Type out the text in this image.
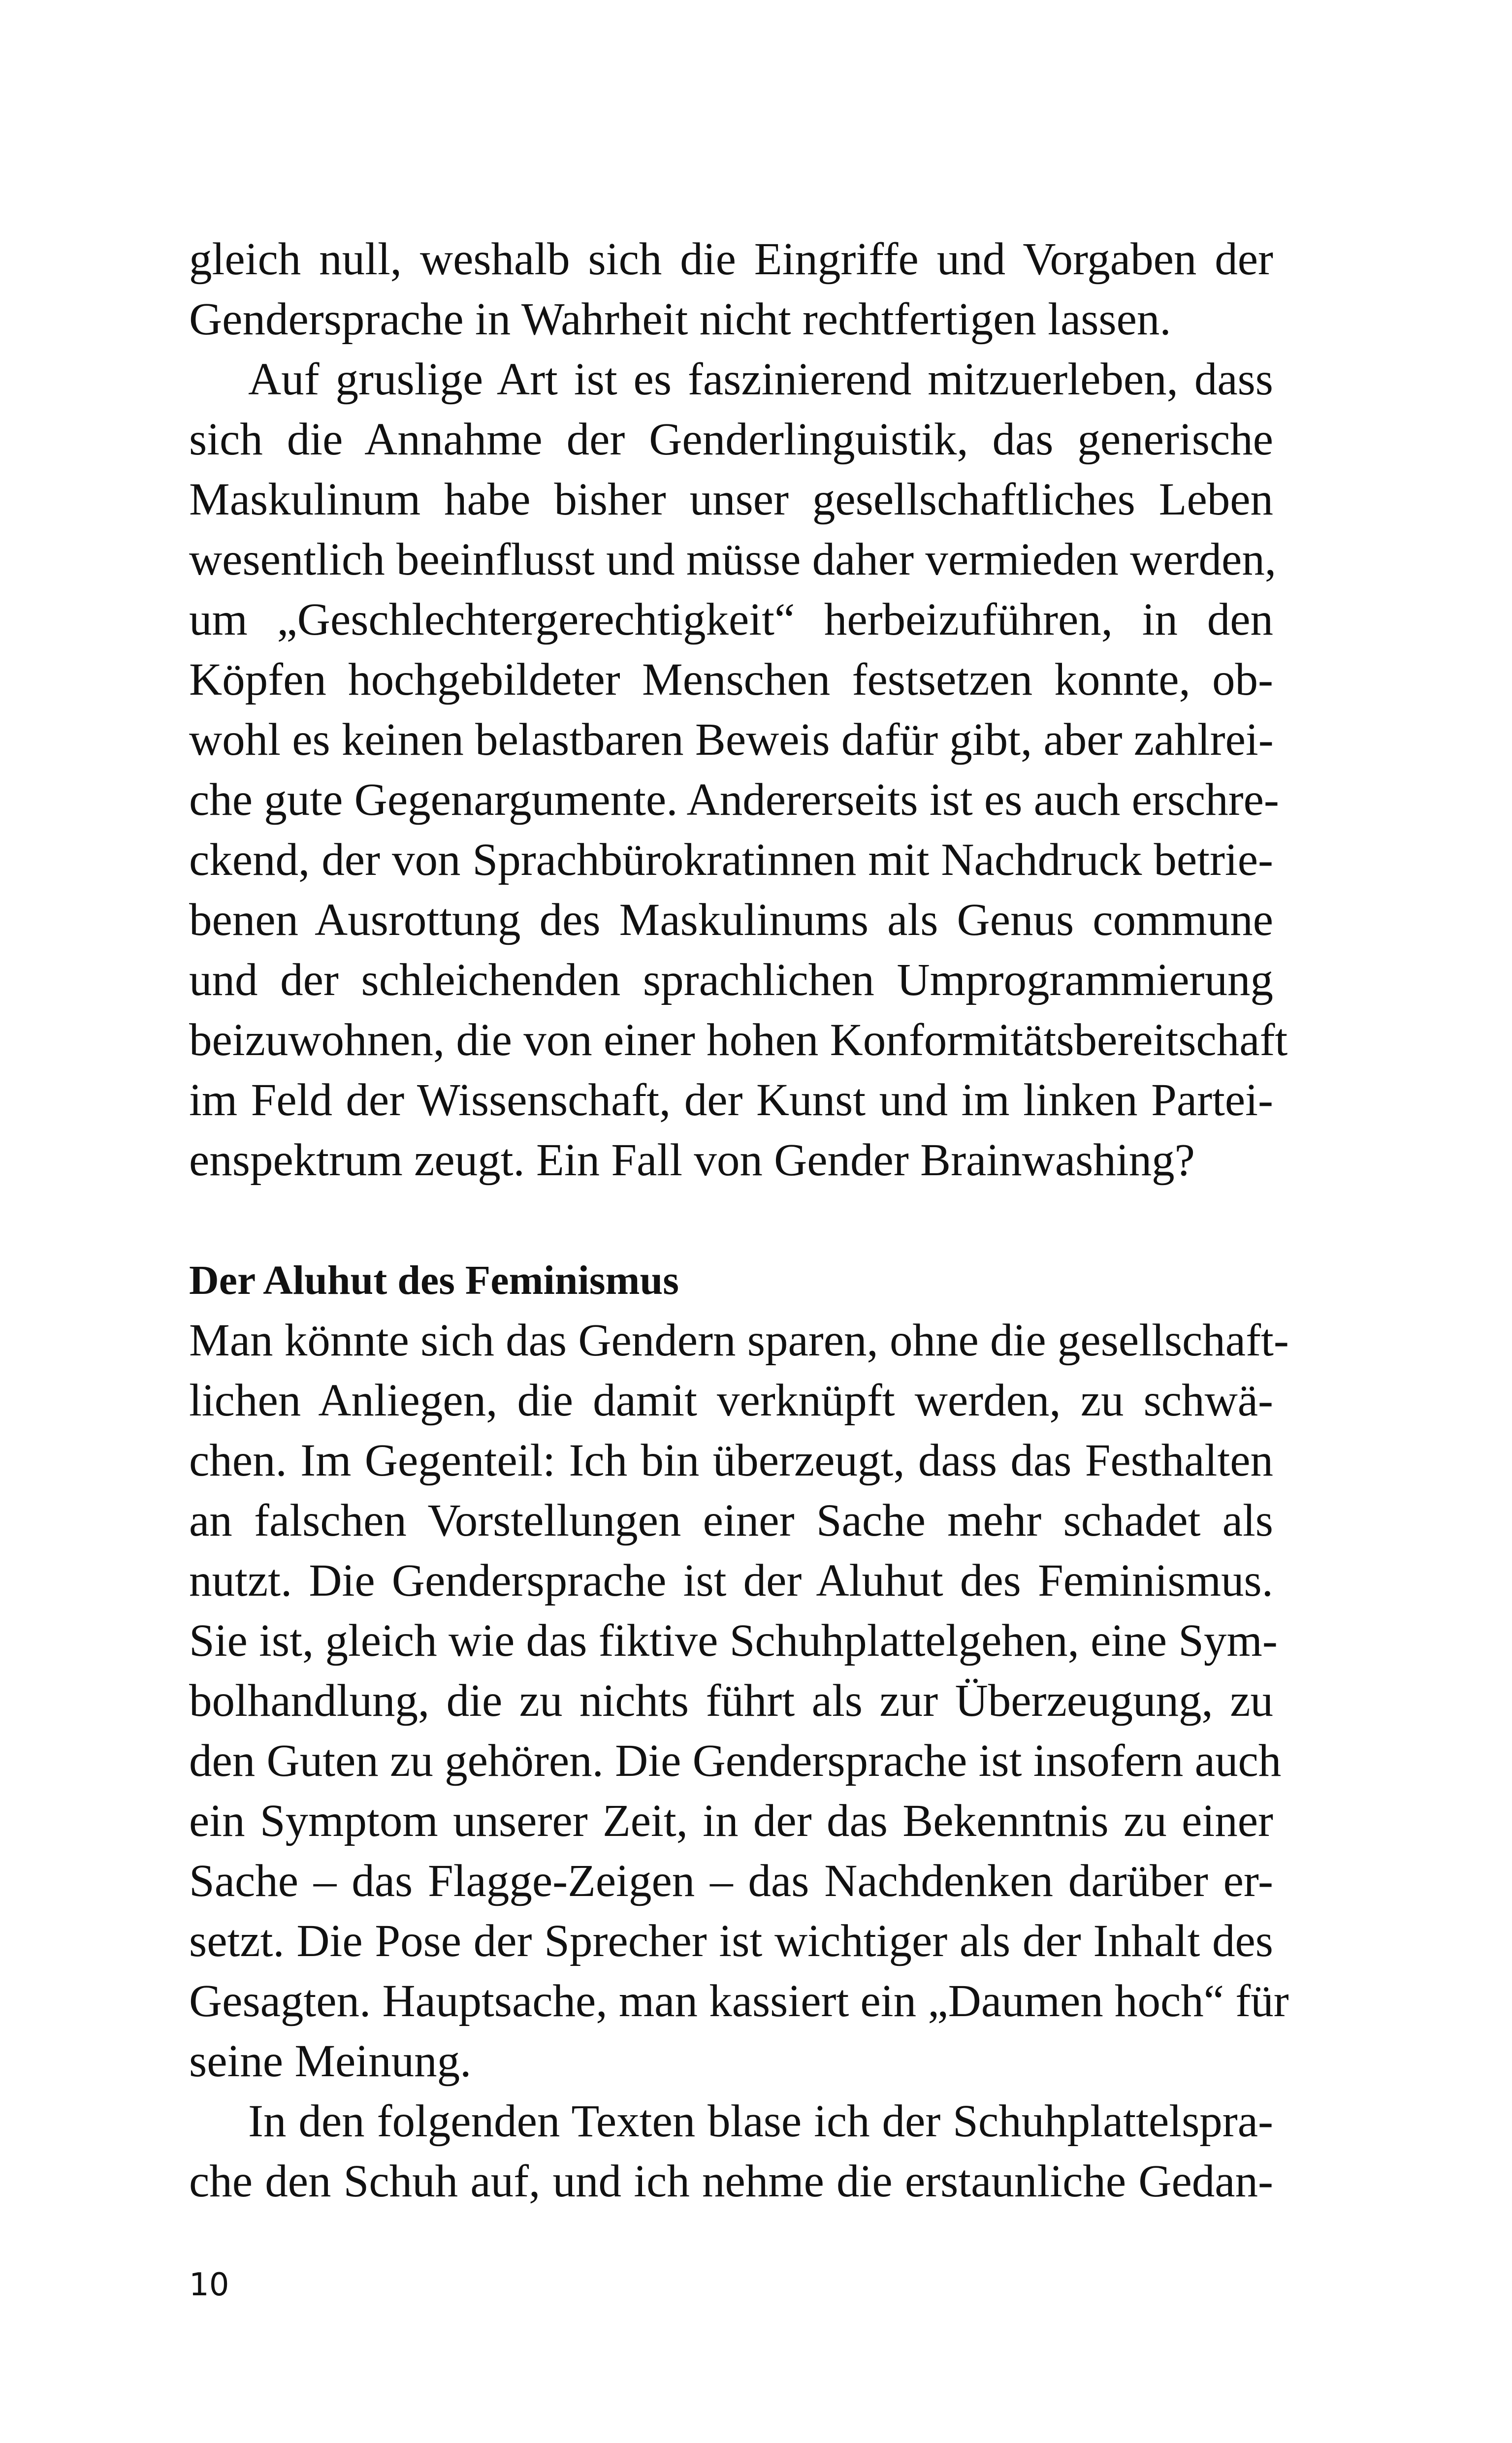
gleich null, weshalb sich die Eingriffe und Vorgaben der
Gendersprache in Wahrheit nicht rechtfertigen lassen.
Auf gruslige Art ist es faszinierend mitzuerleben, dass
sich die Annahme der Genderlinguistik, das generische
Maskulinum habe bisher unser gesellschaftliches Leben
wesentlich beeinflusst und müsse daher vermieden werden,
um „Geschlechtergerechtigkeit“ herbeizuführen, in den
Köpfen hochgebildeter Menschen festsetzen konnte, ob-
wohl es keinen belastbaren Beweis dafür gibt, aber zahlrei-
che gute Gegenargumente. Andererseits ist es auch erschre-
ckend, der von Sprachbürokratinnen mit Nachdruck betrie-
benen Ausrottung des Maskulinums als Genus commune
und der schleichenden sprachlichen Umprogrammierung
beizuwohnen, die von einer hohen Konformitätsbereitschaft
im Feld der Wissenschaft, der Kunst und im linken Partei-
enspektrum zeugt. Ein Fall von Gender Brainwashing?
Der Aluhut des Feminismus
Man könnte sich das Gendern sparen, ohne die gesellschaft-
lichen Anliegen, die damit verknüpft werden, zu schwä-
chen. Im Gegenteil: Ich bin überzeugt, dass das Festhalten
an falschen Vorstellungen einer Sache mehr schadet als
nutzt. Die Gendersprache ist der Aluhut des Feminismus.
Sie ist, gleich wie das fiktive Schuhplattelgehen, eine Sym-
bolhandlung, die zu nichts führt als zur Überzeugung, zu
den Guten zu gehören. Die Gendersprache ist insofern auch
ein Symptom unserer Zeit, in der das Bekenntnis zu einer
Sache – das Flagge-Zeigen – das Nachdenken darüber er-
setzt. Die Pose der Sprecher ist wichtiger als der Inhalt des
Gesagten. Hauptsache, man kassiert ein „Daumen hoch“ für
seine Meinung.
In den folgenden Texten blase ich der Schuhplattelspra-
che den Schuh auf, und ich nehme die erstaunliche Gedan-
10
